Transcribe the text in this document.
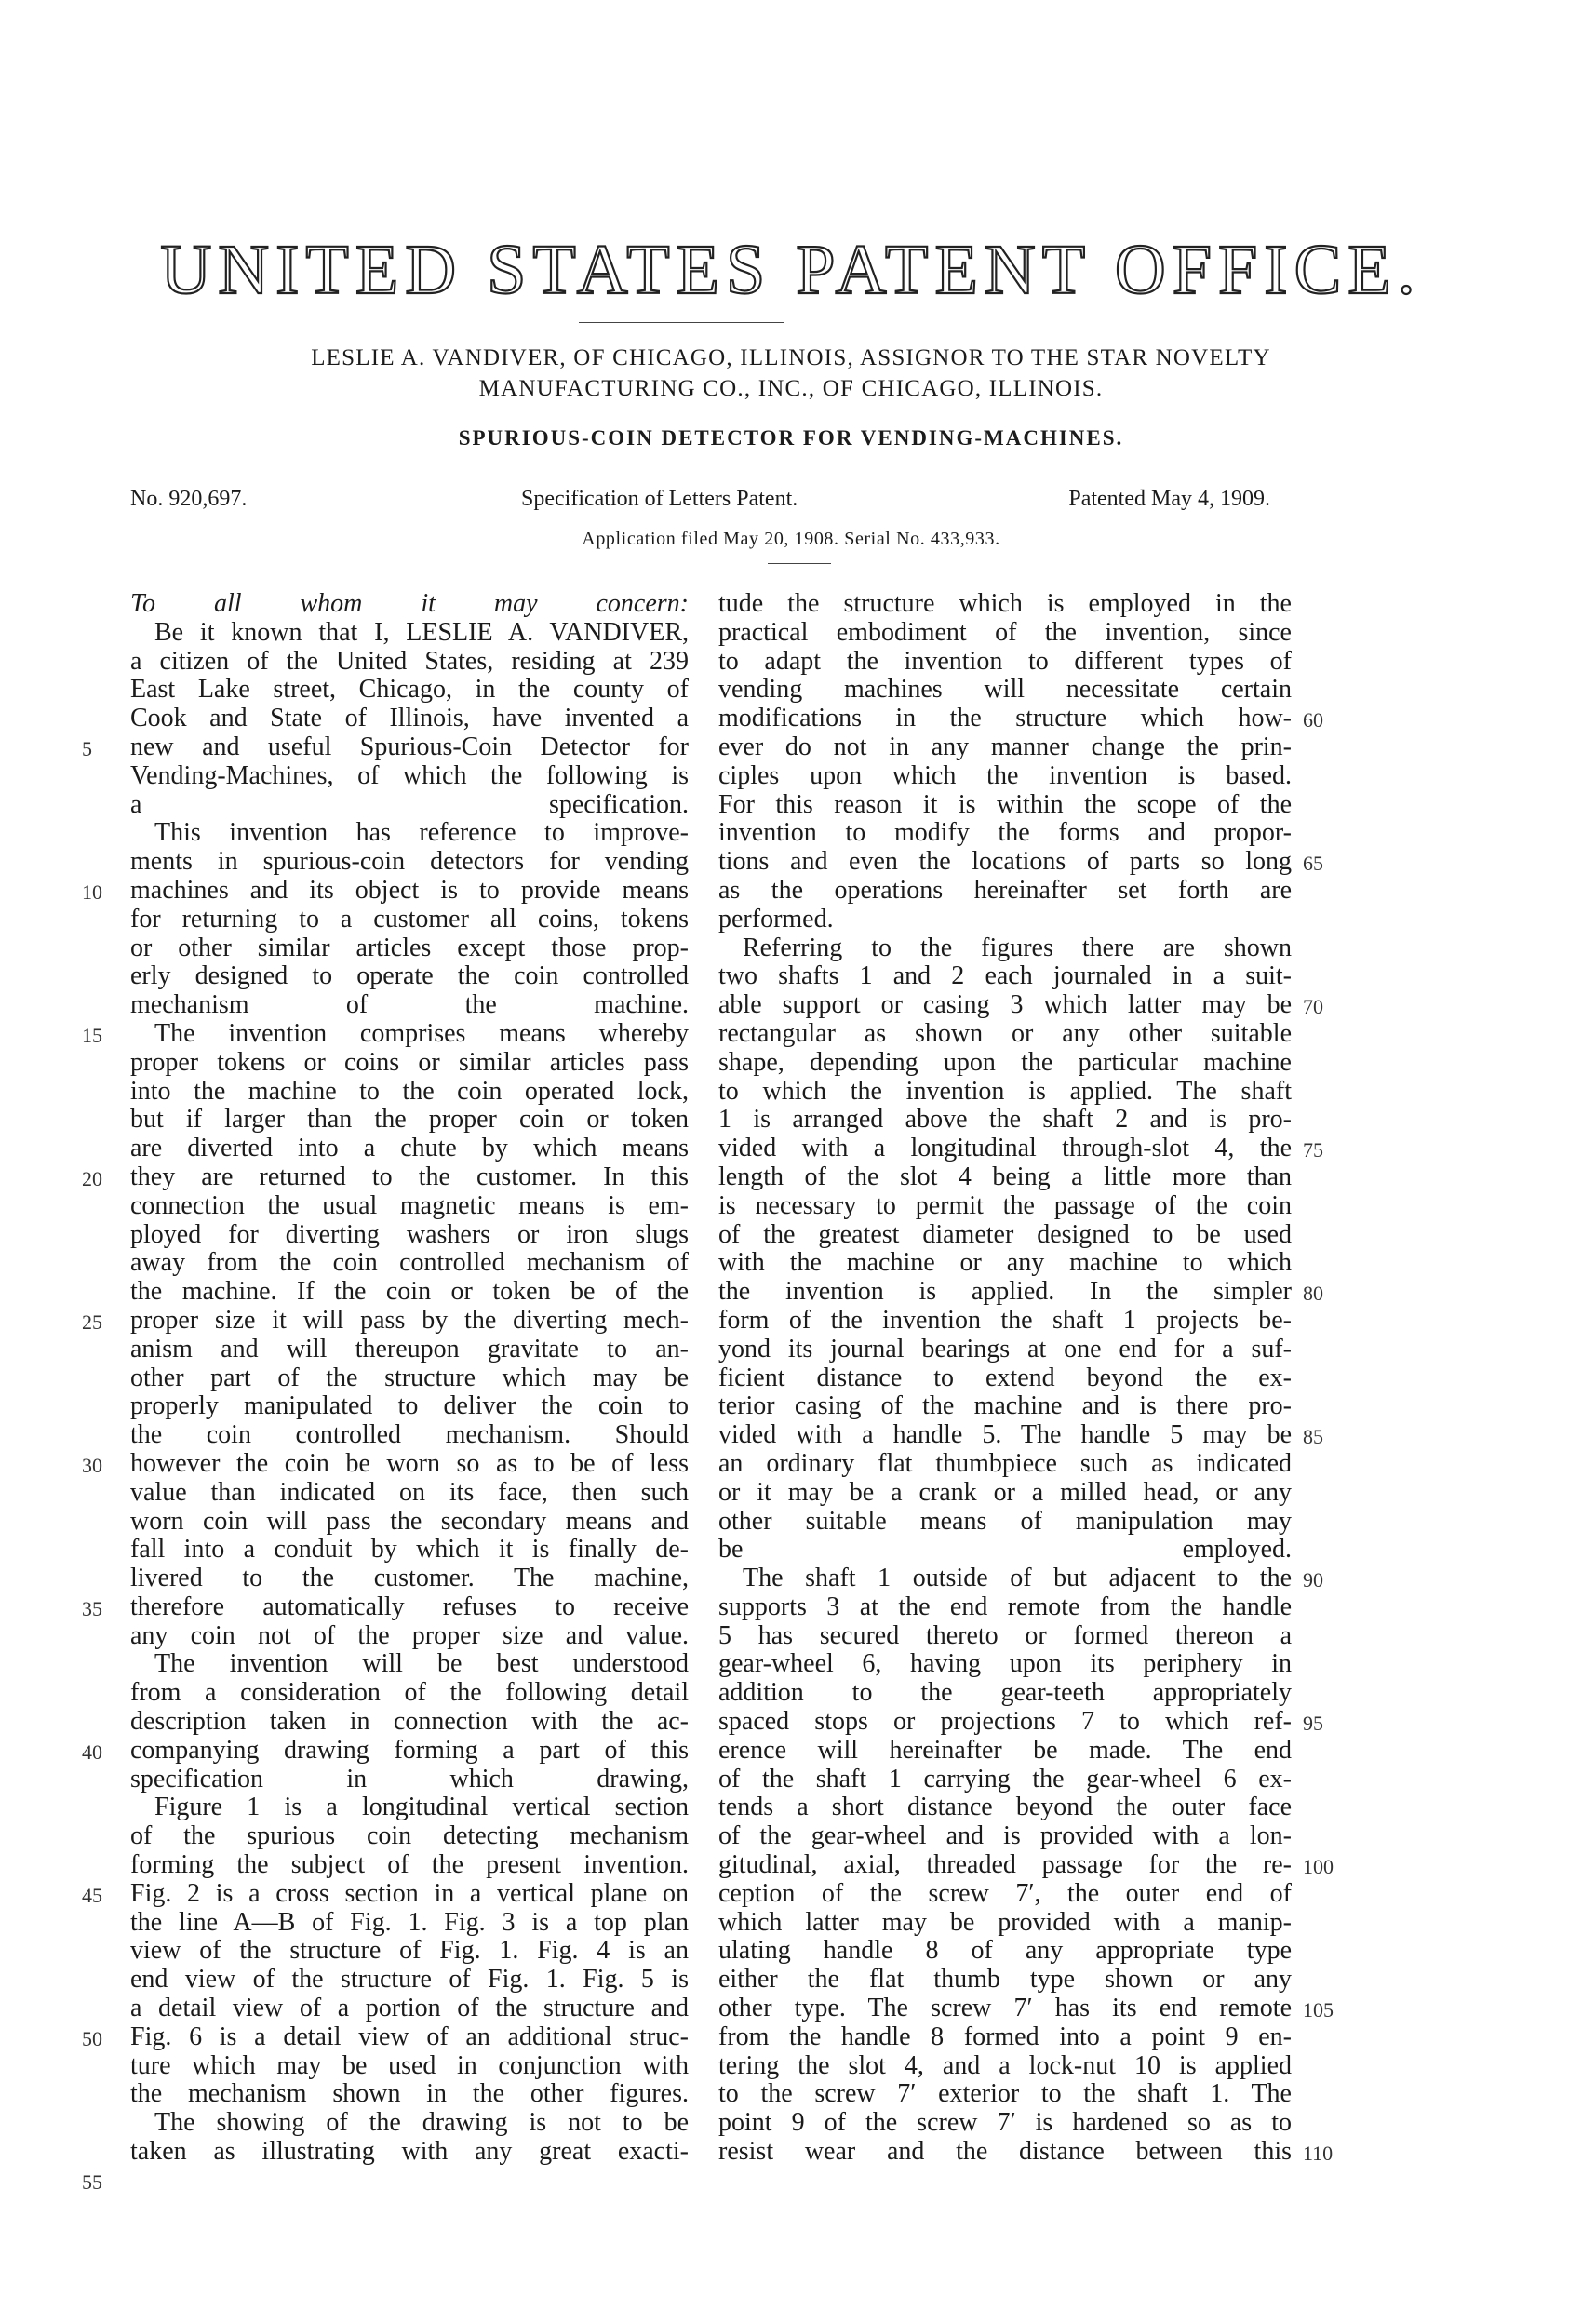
UNITED STATES PATENT OFFICE.
LESLIE A. VANDIVER, OF CHICAGO, ILLINOIS, ASSIGNOR TO THE STAR NOVELTY
MANUFACTURING CO., INC., OF CHICAGO, ILLINOIS.
SPURIOUS-COIN DETECTOR FOR VENDING-MACHINES.
No. 920,697.	Specification of Letters Patent.	Patented May 4, 1909.
Application filed May 20, 1908. Serial No. 433,933.
To all whom it may concern:
Be it known that I, LESLIE A. VANDIVER,
a citizen of the United States, residing at 239
East Lake street, Chicago, in the county of
Cook and State of Illinois, have invented a
new and useful Spurious-Coin Detector for
Vending-Machines, of which the following is
a specification.
This invention has reference to improve-
ments in spurious-coin detectors for vending
machines and its object is to provide means
for returning to a customer all coins, tokens
or other similar articles except those prop-
erly designed to operate the coin controlled
mechanism of the machine.
The invention comprises means whereby
proper tokens or coins or similar articles pass
into the machine to the coin operated lock,
but if larger than the proper coin or token
are diverted into a chute by which means
they are returned to the customer. In this
connection the usual magnetic means is em-
ployed for diverting washers or iron slugs
away from the coin controlled mechanism of
the machine. If the coin or token be of the
proper size it will pass by the diverting mech-
anism and will thereupon gravitate to an-
other part of the structure which may be
properly manipulated to deliver the coin to
the coin controlled mechanism. Should
however the coin be worn so as to be of less
value than indicated on its face, then such
worn coin will pass the secondary means and
fall into a conduit by which it is finally de-
livered to the customer. The machine,
therefore automatically refuses to receive
any coin not of the proper size and value.
The invention will be best understood
from a consideration of the following detail
description taken in connection with the ac-
companying drawing forming a part of this
specification in which drawing,
Figure 1 is a longitudinal vertical section
of the spurious coin detecting mechanism
forming the subject of the present invention.
Fig. 2 is a cross section in a vertical plane on
the line A—B of Fig. 1. Fig. 3 is a top plan
view of the structure of Fig. 1. Fig. 4 is an
end view of the structure of Fig. 1. Fig. 5 is
a detail view of a portion of the structure and
Fig. 6 is a detail view of an additional struc-
ture which may be used in conjunction with
the mechanism shown in the other figures.
The showing of the drawing is not to be
taken as illustrating with any great exacti-
tude the structure which is employed in the
practical embodiment of the invention, since
to adapt the invention to different types of
vending machines will necessitate certain
modifications in the structure which how-
ever do not in any manner change the prin-
ciples upon which the invention is based.
For this reason it is within the scope of the
invention to modify the forms and propor-
tions and even the locations of parts so long
as the operations hereinafter set forth are
performed.
Referring to the figures there are shown
two shafts 1 and 2 each journaled in a suit-
able support or casing 3 which latter may be
rectangular as shown or any other suitable
shape, depending upon the particular machine
to which the invention is applied. The shaft
1 is arranged above the shaft 2 and is pro-
vided with a longitudinal through-slot 4, the
length of the slot 4 being a little more than
is necessary to permit the passage of the coin
of the greatest diameter designed to be used
with the machine or any machine to which
the invention is applied. In the simpler
form of the invention the shaft 1 projects be-
yond its journal bearings at one end for a suf-
ficient distance to extend beyond the ex-
terior casing of the machine and is there pro-
vided with a handle 5. The handle 5 may be
an ordinary flat thumbpiece such as indicated
or it may be a crank or a milled head, or any
other suitable means of manipulation may
be employed.
The shaft 1 outside of but adjacent to the
supports 3 at the end remote from the handle
5 has secured thereto or formed thereon a
gear-wheel 6, having upon its periphery in
addition to the gear-teeth appropriately
spaced stops or projections 7 to which ref-
erence will hereinafter be made. The end
of the shaft 1 carrying the gear-wheel 6 ex-
tends a short distance beyond the outer face
of the gear-wheel and is provided with a lon-
gitudinal, axial, threaded passage for the re-
ception of the screw 7′, the outer end of
which latter may be provided with a manip-
ulating handle 8 of any appropriate type
either the flat thumb type shown or any
other type. The screw 7′ has its end remote
from the handle 8 formed into a point 9 en-
tering the slot 4, and a lock-nut 10 is applied
to the screw 7′ exterior to the shaft 1. The
point 9 of the screw 7′ is hardened so as to
resist wear and the distance between this
5
10
15
20
25
30
35
40
45
50
55
60
65
70
75
80
85
90
95
100
105
110
